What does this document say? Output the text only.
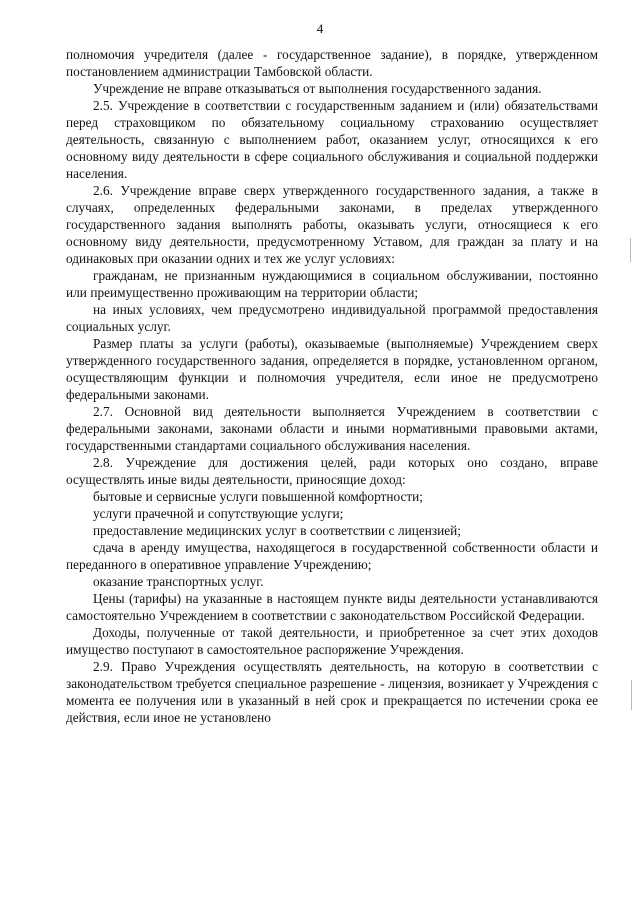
4

полномочия учредителя (далее - государственное задание), в порядке, утвержденном постановлением администрации Тамбовской области.

Учреждение не вправе отказываться от выполнения государственного задания.

2.5. Учреждение в соответствии с государственным заданием и (или) обязательствами перед страховщиком по обязательному социальному страхованию осуществляет деятельность, связанную с выполнением работ, оказанием услуг, относящихся к его основному виду деятельности в сфере социального обслуживания и социальной поддержки населения.

2.6. Учреждение вправе сверх утвержденного государственного задания, а также в случаях, определенных федеральными законами, в пределах утвержденного государственного задания выполнять работы, оказывать услуги, относящиеся к его основному виду деятельности, предусмотренному Уставом, для граждан за плату и на одинаковых при оказании одних и тех же услуг условиях:

гражданам, не признанным нуждающимися в социальном обслуживании, постоянно или преимущественно проживающим на территории области;

на иных условиях, чем предусмотрено индивидуальной программой предоставления социальных услуг.

Размер платы за услуги (работы), оказываемые (выполняемые) Учреждением сверх утвержденного государственного задания, определяется в порядке, установленном органом, осуществляющим функции и полномочия учредителя, если иное не предусмотрено федеральными законами.

2.7. Основной вид деятельности выполняется Учреждением в соответствии с федеральными законами, законами области и иными нормативными правовыми актами, государственными стандартами социального обслуживания населения.

2.8. Учреждение для достижения целей, ради которых оно создано, вправе осуществлять иные виды деятельности, приносящие доход:

бытовые и сервисные услуги повышенной комфортности;

услуги прачечной и сопутствующие услуги;

предоставление медицинских услуг в соответствии с лицензией;

сдача в аренду имущества, находящегося в государственной собственности области и переданного в оперативное управление Учреждению;

оказание транспортных услуг.

Цены (тарифы) на указанные в настоящем пункте виды деятельности устанавливаются самостоятельно Учреждением в соответствии с законодательством Российской Федерации.

Доходы, полученные от такой деятельности, и приобретенное за счет этих доходов имущество поступают в самостоятельное распоряжение Учреждения.

2.9. Право Учреждения осуществлять деятельность, на которую в соответствии с законодательством требуется специальное разрешение - лицензия, возникает у Учреждения с момента ее получения или в указанный в ней срок и прекращается по истечении срока ее действия, если иное не установлено
